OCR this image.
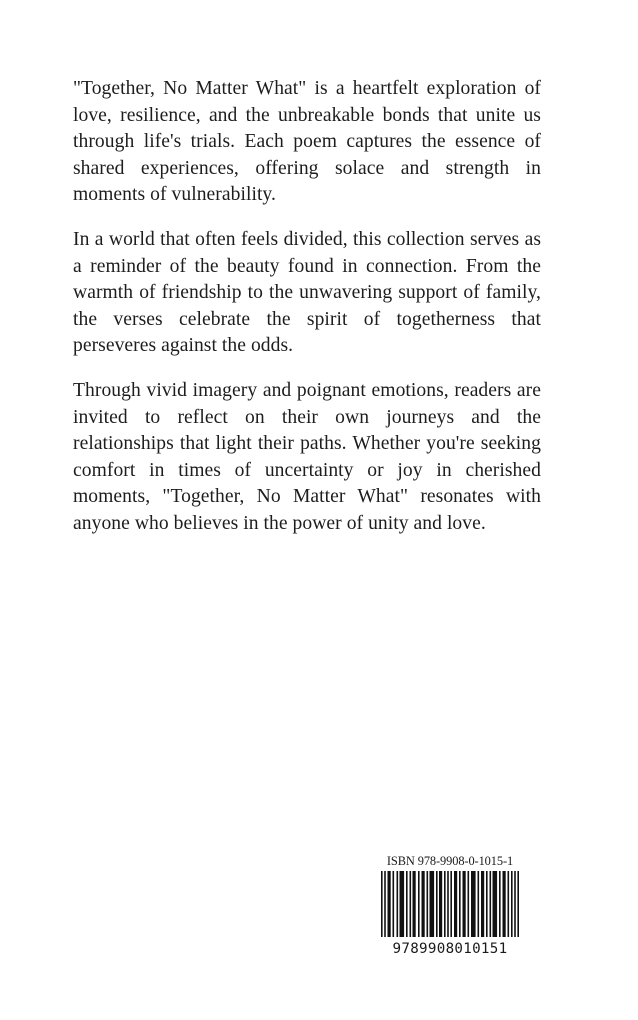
"Together, No Matter What" is a heartfelt exploration of love, resilience, and the unbreakable bonds that unite us through life's trials. Each poem captures the essence of shared experiences, offering solace and strength in moments of vulnerability.

In a world that often feels divided, this collection serves as a reminder of the beauty found in connection. From the warmth of friendship to the unwavering support of family, the verses celebrate the spirit of togetherness that perseveres against the odds.

Through vivid imagery and poignant emotions, readers are invited to reflect on their own journeys and the relationships that light their paths. Whether you're seeking comfort in times of uncertainty or joy in cherished moments, "Together, No Matter What" resonates with anyone who believes in the power of unity and love.

ISBN 978-9908-0-1015-1
9789908010151
